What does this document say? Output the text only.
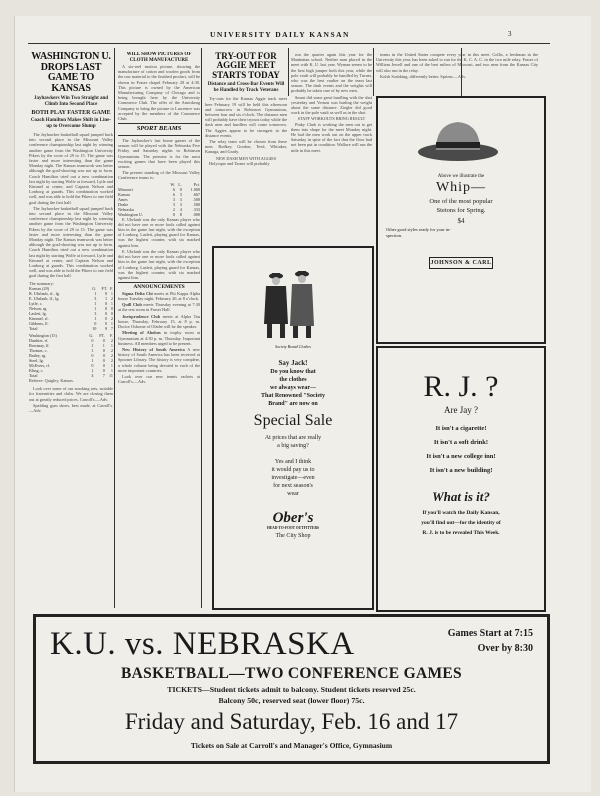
UNIVERSITY DAILY KANSAN	3
WASHINGTON U. DROPS LAST GAME TO KANSAS
Jayhawkers Win Two Straight and Climb Into Second Place
BOTH PLAY FASTER GAME
Coach Hamilton Makes Shift in Line-up to Overcome Slump

The Jayhawker basketball squad jumped back into second place in the Missouri Valley conference championship last night by winning another game from the Washington University Pikers by the score of 29 to 15. The game was faster and more interesting than the game Monday night. The Kansas teamwork was better although the goal-shooting was not up to form. Coach Hamilton tried out a new combination last night by starting Wolfe at forward, Lytle and Kimmel at center, and Captain Nelson and Lonborg at guards. This combination worked well, and was able to hold the Pikers to one field goal during the first half.

The Jayhawker basketball squad jumped back into second place in the Missouri Valley conference championship last night by winning another game from the Washington University Pikers by the score of 29 to 15. The game was faster and more interesting than the game Monday night. The Kansas teamwork was better although the goal-shooting was not up to form. Coach Hamilton tried out a new combination last night by starting Wolfe at forward, Lytle and Kimmel at center, and Captain Nelson and Lonborg at guards. This combination worked well, and was able to hold the Pikers to one field goal during the first half.

The summary:
Kansas (29)	G.	FT.	F.
R. Uhrlaub, rf., lg.	1	0	1
E. Uhrlaub, lf., lg.	3	1	2
Lytle, c.	1	0	1
Nelson, rg.	1	0	0
Laslett, lg.	3	0	0
Kimmel, rf.	1	0	2
Gibbens, lf.	0	0	1
Total	10	9	7
Washington (15)	G.	FT.	F.
Dunhier, rf.	0	0	2
Bowmay, lf.	1	1	1
Thomas, c.	1	0	2
Bailey, rg.	0	0	2
Steel, lg.	1	0	2
McEvers, rf.	0	0	1
Kling, c.	1	0	1
Total	4	7	11
Referee: Quigley, Kansas.

Look over some of our smoking sets, suitable for fraternities and clubs. We are closing them out at greatly reduced prices. Carroll's.—Adv.

Spalding gym shoes, best made, at Carroll's.—Adv.

WILL SHOW PICTURES OF CLOTH MANUFACTURE

A six-reel motion picture, showing the manufacture of cotton and woolen goods from the raw material to the finished product, will be shown in Fraser chapel February 28 at 4:30. This picture is owned by the American Manufacturing Company of Chicago and is being brought here by the University Commerce Club. The offer of the Amoskeag Company to bring the picture to Lawrence was accepted by the members of the Commerce Club.

SPORT BEAMS

The Jayhawker's last home games of the season will be played with the Nebraska Five Friday and Saturday nights in Robinson Gymnasium. The promise is for the most exciting games that have been played this season.

The present standing of the Missouri Valley Conference teams is:

	W.	L.	Pct.
Missouri	6	0	1.000
Kansas	6	3	.667
Ames	3	3	.500
Drake	3	3	.500
Nebraska	2	4	.333
Washington U.	0	8	.000

E. Uhrlaub was the only Kansas player who did not have one or more fouls called against him in the game last night, with the exception of Lonborg. Laslett, playing guard for Kansas, was the highest counter, with six marked against him.

E. Uhrlaub was the only Kansas player who did not have one or more fouls called against him in the game last night, with the exception of Lonborg. Laslett, playing guard for Kansas, was the highest counter, with six marked against him.

ANNOUNCEMENTS

Sigma Delta Chi meets at Phi Kappa Alpha house Tuesday night, February 20, at 8 o'clock.

Quill Club meets Thursday evening at 7:30 at the rest room in Fraser Hall.

Jurisprudence Club meets at Alpha Tau house, Thursday, February 15, at 8 p. m. Doctor Osborne of Olathe will be the speaker.

Meeting of Ahobus in trophy room at Gymnasium at 4:30 p. m. Thursday. Important business. All members urged to be present.

New History of South America A new history of South America has been received at Spooner Library. The history is very complete, a whole volume being devoted to each of the more important countries.

Look over our new tennis rackets at Carroll's.—Adv.

TRY-OUT FOR AGGIE MEET STARTS TODAY
Distance and Cross-Bar Events Will be Handled by Track Veterans

Try-outs for the Kansas Aggie track meet here February 19 will be held this afternoon and tomorrow in Robinson Gymnasium, between four and six o'clock. The distance men will probably have their tryouts today while the dash men and hurdlers will come tomorrow. The Aggies appear to be strongest in the distance events.

The relay team will be chosen from these men: Rodkey, Gordon, Teed, Whitaker, Kanaga, and Grady.

NEW DASH MEN WITH AGGIES

Holyoque and Tarner will probably

run the quarter again this year for the Manhattan school. Neither man placed in the meet with K. U. last year. Wyman seems to be the best high jumper both this year, while the pole vault will probably be handled by Turner, who was the best vaulter on the team last season. The dash events and the weights will probably be taken care of by new men.

Smart did some great hurdling with the shot yesterday and Vernon was hurling the weight about the same distance. Ziegler did good work in the pole vault as well as in the shot.

STAFF WORKOUTS BRING RESULT

Pinky Clark is working the men out to get them into shape for the meet Monday night. He had the men work out on the upper track Saturday in spite of the fact that the floor had not been put in condition. Wallace will run the mile in this meet.

teams in the United States compete every year in this meet. Collis, a freshman in the University this year, has been asked to run for the K. C. A. C. in the two mile relay. Fraser of William Jewell and one of the best milers of Missouri, and two men from the Kansas City will also run in the relay.

Kolsh Soshking, differently better. Sprims.—Adv.

Society Brand Clothes
Say Jack!
Do you know that
the clothes
we always wear—
That Renowned "Society
Brand" are now on
Special Sale
At prices that are really
a big saving?
Yes and I think
it would pay us to
investigate—even
for next season's
wear
Ober's
HEAD-TO-FOOT OUTFITTERS
The City Shop
Above we illustrate the
Whip—
One of the most popular
Stetons for Spring.
$4
Other good styles ready for your in-
spection.
JOHNSON & CARL
R. J. ?
Are Jay ?
It isn't a cigarette!
It isn't a soft drink!
It isn't a new college inn!
It isn't a new building!
What is it?
If you'll watch the Daily Kansan,
you'll find out—for the identity of
R. J. is to be revealed This Week.
K.U. vs. NEBRASKA	Games Start at 7:15
Over by 8:30
BASKETBALL—TWO CONFERENCE GAMES
TICKETS—Student tickets admit to balcony. Student tickets reserved 25c.
Balcony 50c, reserved seat (lower floor) 75c.
Friday and Saturday, Feb. 16 and 17
Tickets on Sale at Carroll's and Manager's Office, Gymnasium
